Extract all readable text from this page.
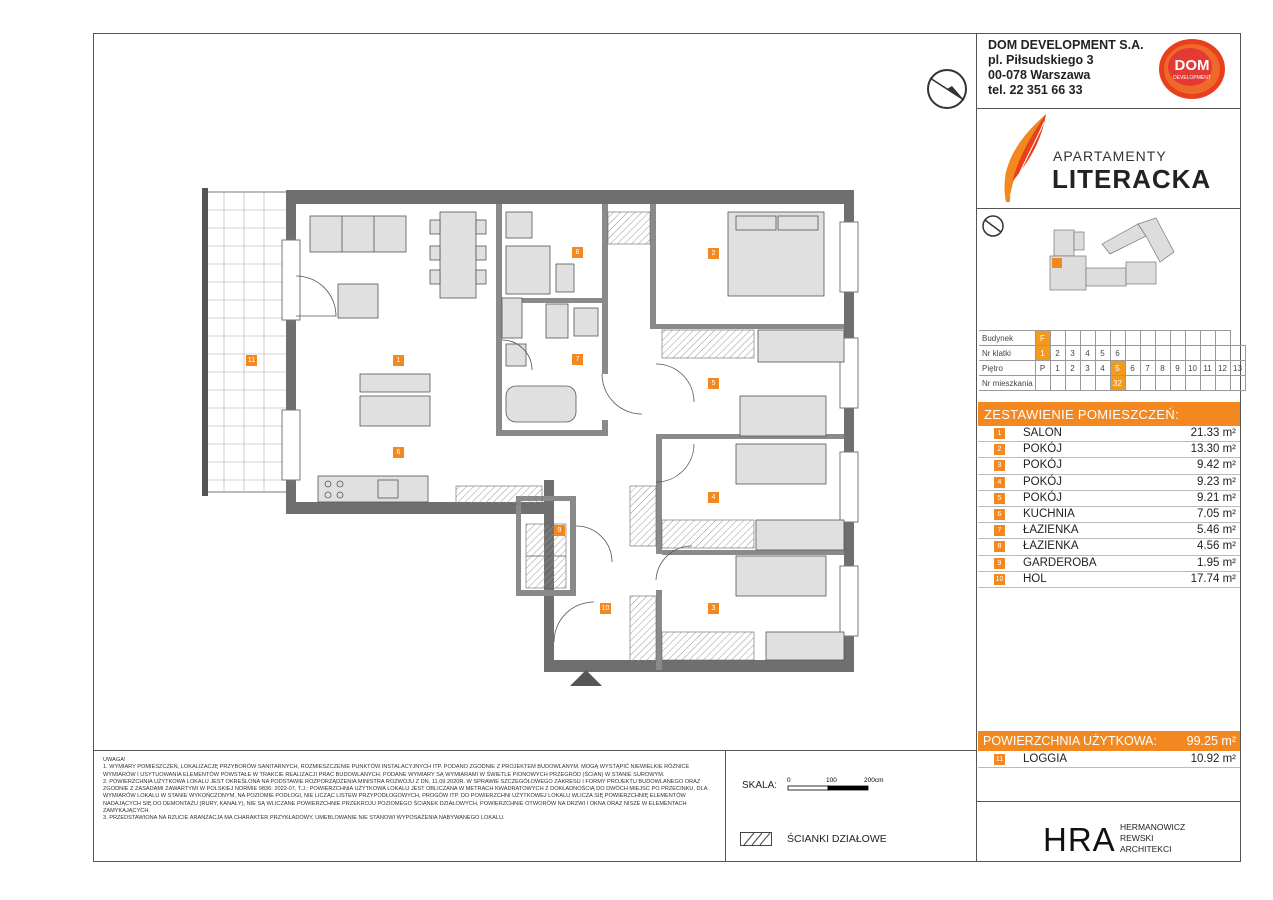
DOM DEVELOPMENT S.A.
pl. Piłsudskiego 3
00-078 Warszawa
tel. 22 351 66 33
DOM
DEVELOPMENT
APARTAMENTY
LITERACKA
Budynek	F													
Nr klatki	1	2	3	4	5	6								
Piętro	P	1	2	3	4	5	6	7	8	9	10	11	12	13
Nr mieszkania						32								
ZESTAWIENIE POMIESZCZEŃ:
1	SALON	21.33 m²
2	POKÓJ	13.30 m²
3	POKÓJ	9.42 m²
4	POKÓJ	9.23 m²
5	POKÓJ	9.21 m²
6	KUCHNIA	7.05 m²
7	ŁAZIENKA	5.46 m²
8	ŁAZIENKA	4.56 m²
9	GARDEROBA	1.95 m²
10 HOL	17.74 m²
POWIERZCHNIA UŻYTKOWA: 99.25 m²
11 LOGGIA	10.92 m²

UWAGA!

1. WYMIARY POMIESZCZEŃ, LOKALIZACJĘ PRZYBORÓW SANITARNYCH, ROZMIESZCZENIE PUNKTÓW INSTALACYJNYCH ITP. PODANO ZGODNIE Z PROJEKTEM BUDOWLANYM. MOGĄ WYSTĄPIĆ NIEWIELKIE RÓŻNICE WYMIARÓW I USYTUOWANIA ELEMENTÓW POWSTAŁE W TRAKCIE REALIZACJI PRAC BUDOWLANYCH. PODANE WYMIARY SĄ WYMIARAMI W ŚWIETLE PIONOWYCH PRZEGRÓD (ŚCIAN) W STANIE SUROWYM.

2. POWIERZCHNIA UŻYTKOWA LOKALU JEST OKREŚLONA NA PODSTAWIE ROZPORZĄDZENIA MINISTRA ROZWOJU Z DN. 11.09.2020R. W SPRAWIE SZCZEGÓŁOWEGO ZAKRESU I FORMY PROJEKTU BUDOWLANEGO ORAZ ZGODNIE Z ZASADAMI ZAWARTYMI W POLSKIEJ NORMIE 9836: 2022-07, T.J.: POWIERZCHNIA UŻYTKOWA LOKALU JEST OBLICZANA W METRACH KWADRATOWYCH Z DOKŁADNOŚCIĄ DO DWÓCH MIEJSC PO PRZECINKU, DLA WYMIARÓW LOKALU W STANIE WYKOŃCZONYM, NA POZIOMIE PODŁOGI, NIE LICZĄC LISTEW PRZYPODŁOGOWYCH, PROGÓW ITP. DO POWIERZCHNI UŻYTKOWEJ LOKALU WLICZA SIĘ POWIERZCHNIĘ ELEMENTÓW NADAJĄCYCH SIĘ DO DEMONTAŻU (RURY, KANAŁY), NIE SĄ WLICZANE POWIERZCHNIE PRZEKROJU POZIOMEGO ŚCIANEK DZIAŁOWYCH, POWIERZCHNIE OTWORÓW NA DRZWI I OKNA ORAZ NISZE W ELEMENTACH ZAMYKAJĄCYCH.

3. PRZEDSTAWIONA NA RZUCIE ARANŻACJA MA CHARAKTER PRZYKŁADOWY, UMEBLOWANIE NIE STANOWI WYPOSAŻENIA NABYWANEGO LOKALU.

SKALA: 0	100	200cm
ŚCIANKI DZIAŁOWE	HRA HERMANOWICZ
REWSKI
ARCHITEKCI
1
2
3
4
5
6
7
8
9
10
11
